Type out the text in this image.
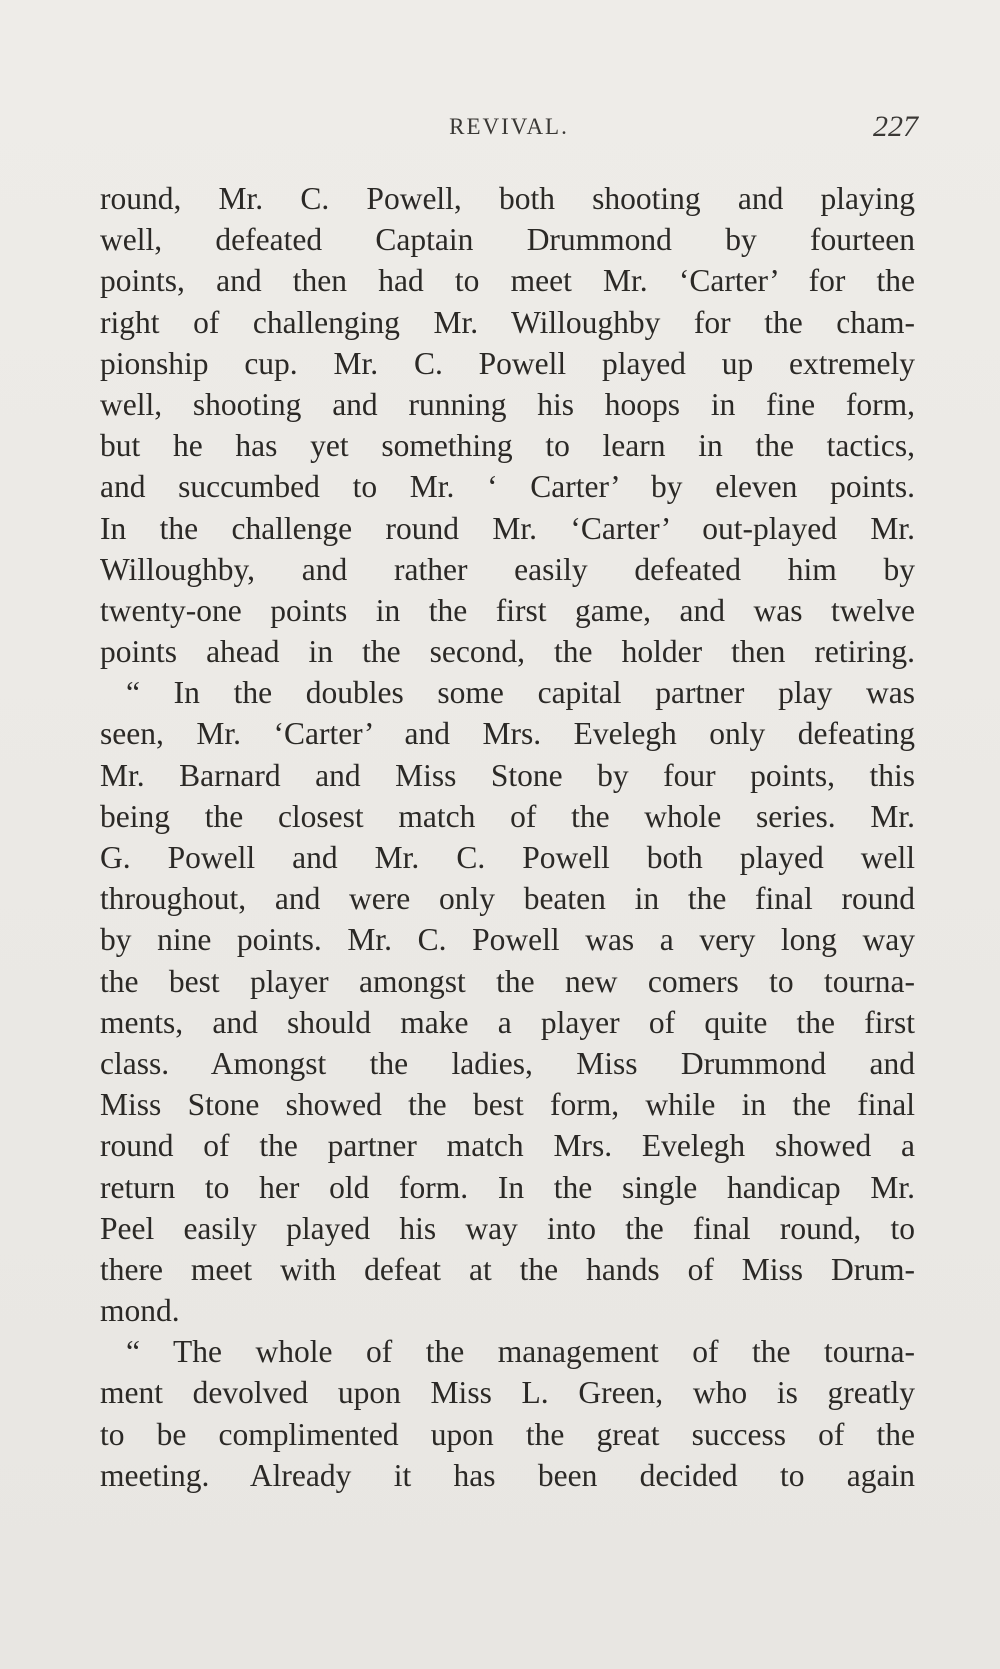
REVIVAL.	227
round, Mr. C. Powell, both shooting and playing
well, defeated Captain Drummond by fourteen
points, and then had to meet Mr. ‘Carter’ for the
right of challenging Mr. Willoughby for the cham-
pionship cup. Mr. C. Powell played up extremely
well, shooting and running his hoops in fine form,
but he has yet something to learn in the tactics,
and succumbed to Mr. ‘ Carter’ by eleven points.
In the challenge round Mr. ‘Carter’ out-played Mr.
Willoughby, and rather easily defeated him by
twenty-one points in the first game, and was twelve
points ahead in the second, the holder then retiring.
“ In the doubles some capital partner play was
seen, Mr. ‘Carter’ and Mrs. Evelegh only defeating
Mr. Barnard and Miss Stone by four points, this
being the closest match of the whole series. Mr.
G. Powell and Mr. C. Powell both played well
throughout, and were only beaten in the final round
by nine points. Mr. C. Powell was a very long way
the best player amongst the new comers to tourna-
ments, and should make a player of quite the first
class. Amongst the ladies, Miss Drummond and
Miss Stone showed the best form, while in the final
round of the partner match Mrs. Evelegh showed a
return to her old form. In the single handicap Mr.
Peel easily played his way into the final round, to
there meet with defeat at the hands of Miss Drum-
mond.
“ The whole of the management of the tourna-
ment devolved upon Miss L. Green, who is greatly
to be complimented upon the great success of the
meeting. Already it has been decided to again
